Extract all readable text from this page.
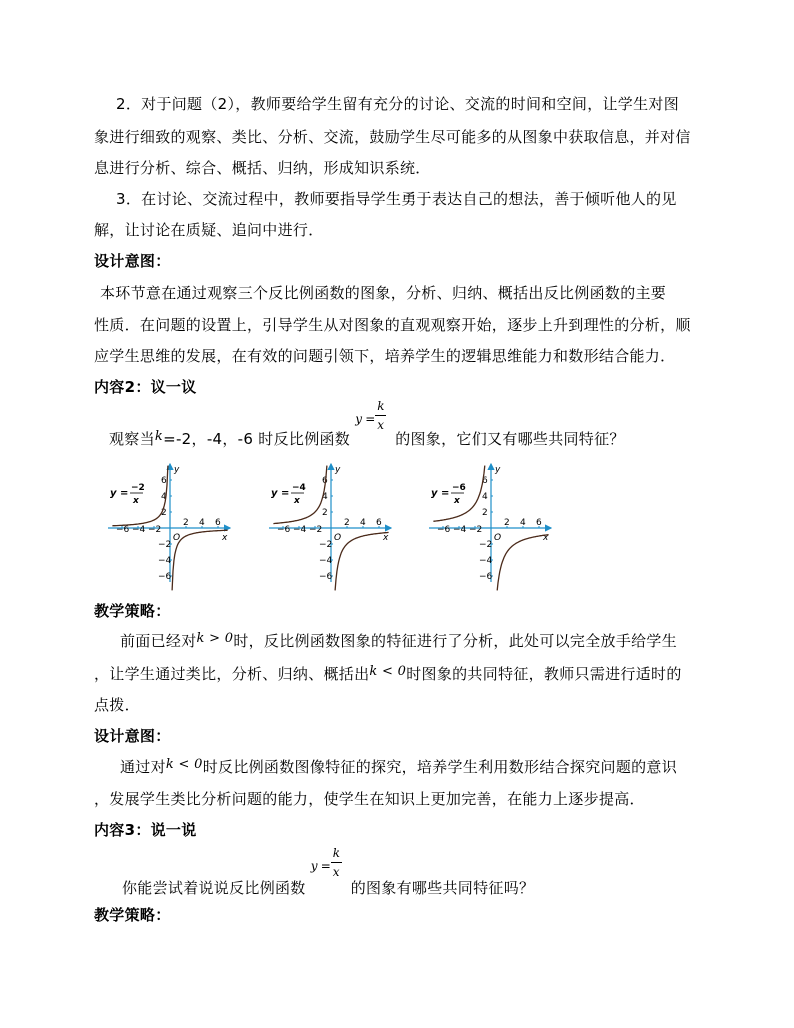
2．对于问题（2），教师要给学生留有充分的讨论、交流的时间和空间，让学生对图
象进行细致的观察、类比、分析、交流，鼓励学生尽可能多的从图象中获取信息，并对信
息进行分析、综合、概括、归纳，形成知识系统．
3．在讨论、交流过程中，教师要指导学生勇于表达自己的想法，善于倾听他人的见
解，让讨论在质疑、追问中进行．
设计意图：
本环节意在通过观察三个反比例函数的图象，分析、归纳、概括出反比例函数的主要
性质．在问题的设置上，引导学生从对图象的直观观察开始，逐步上升到理性的分析，顺
应学生思维的发展，在有效的问题引领下，培养学生的逻辑思维能力和数形结合能力．
内容2：议一议
观察当k=-2，-4，-6 时反比例函数
y =
k
x
的图象，它们又有哪些共同特征？
x
y
O
−6 −4 −2
2 4 6
6
4
2
−2
−4
−6
y = −2
x
x
y
O
−6 −4 −2
2 4 6
6
4
2
−2
−4
−6
y = −4
x
x
y
O
−6 −4 −2
2 4 6
6
4
2
−2
−4
−6
y = −6
x
教学策略：
前面已经对k > 0时，反比例函数图象的特征进行了分析，此处可以完全放手给学生
，让学生通过类比，分析、归纳、概括出k < 0时图象的共同特征，教师只需进行适时的
点拨．
设计意图：
通过对k < 0时反比例函数图像特征的探究，培养学生利用数形结合探究问题的意识
，发展学生类比分析问题的能力，使学生在知识上更加完善，在能力上逐步提高．
内容3：说一说
你能尝试着说说反比例函数
y =
k
x
的图象有哪些共同特征吗？
教学策略：
